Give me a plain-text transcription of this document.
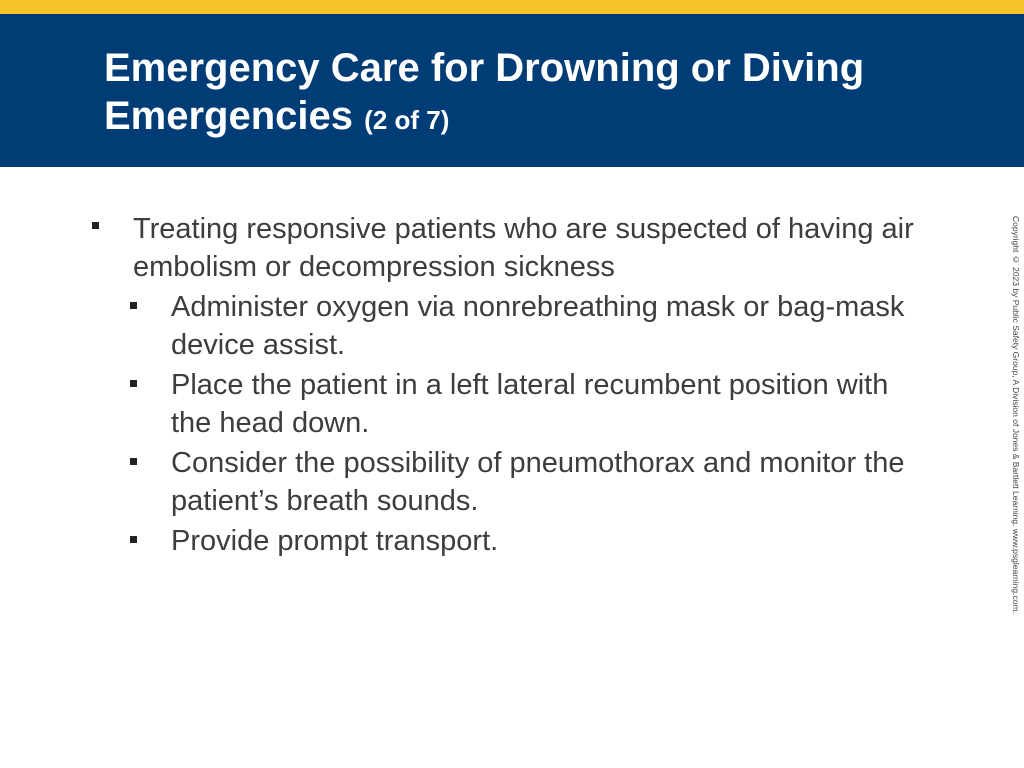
Emergency Care for Drowning or Diving Emergencies (2 of 7)
Treating responsive patients who are suspected of having air embolism or decompression sickness
Administer oxygen via nonrebreathing mask or bag-mask device assist.
Place the patient in a left lateral recumbent position with the head down.
Consider the possibility of pneumothorax and monitor the patient’s breath sounds.
Provide prompt transport.	Copyright © 2023 by Public Safety Group, A Division of Jones & Bartlett Learning. www.psglearning.com.
